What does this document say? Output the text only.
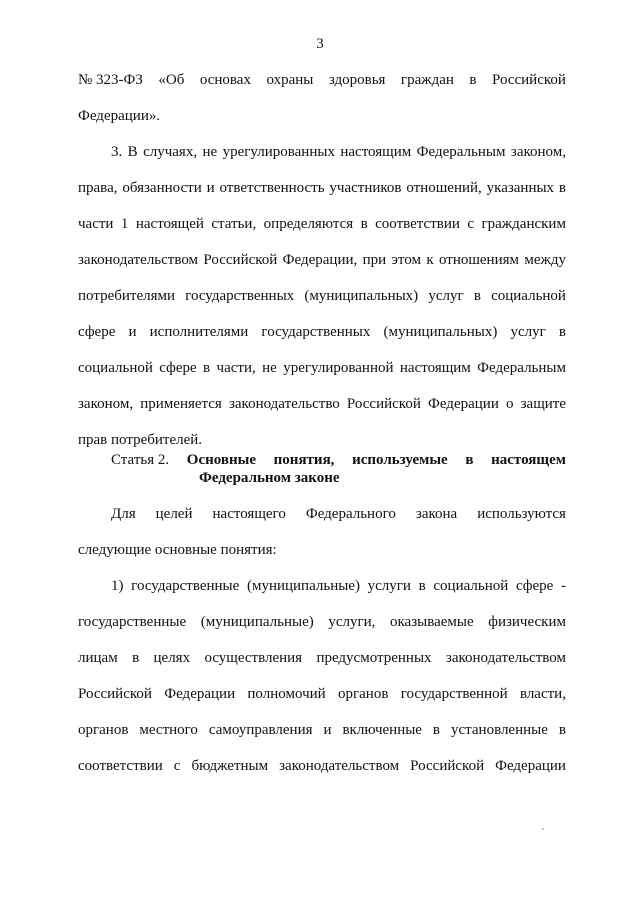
3
№ 323-ФЗ «Об основах охраны здоровья граждан в Российской
Федерации».
3. В случаях, не урегулированных настоящим Федеральным законом,
права, обязанности и ответственность участников отношений, указанных в
части 1 настоящей статьи, определяются в соответствии с гражданским
законодательством Российской Федерации, при этом к отношениям между
потребителями государственных (муниципальных) услуг в социальной
сфере и исполнителями государственных (муниципальных) услуг в
социальной сфере в части, не урегулированной настоящим Федеральным
законом, применяется законодательство Российской Федерации о защите
прав потребителей.
Статья 2. Основные понятия, используемые в настоящем
Федеральном законе
Для целей настоящего Федерального закона используются
следующие основные понятия:
1) государственные (муниципальные) услуги в социальной сфере -
государственные (муниципальные) услуги, оказываемые физическим
лицам в целях осуществления предусмотренных законодательством
Российской Федерации полномочий органов государственной власти,
органов местного самоуправления и включенные в установленные в
соответствии с бюджетным законодательством Российской Федерации
